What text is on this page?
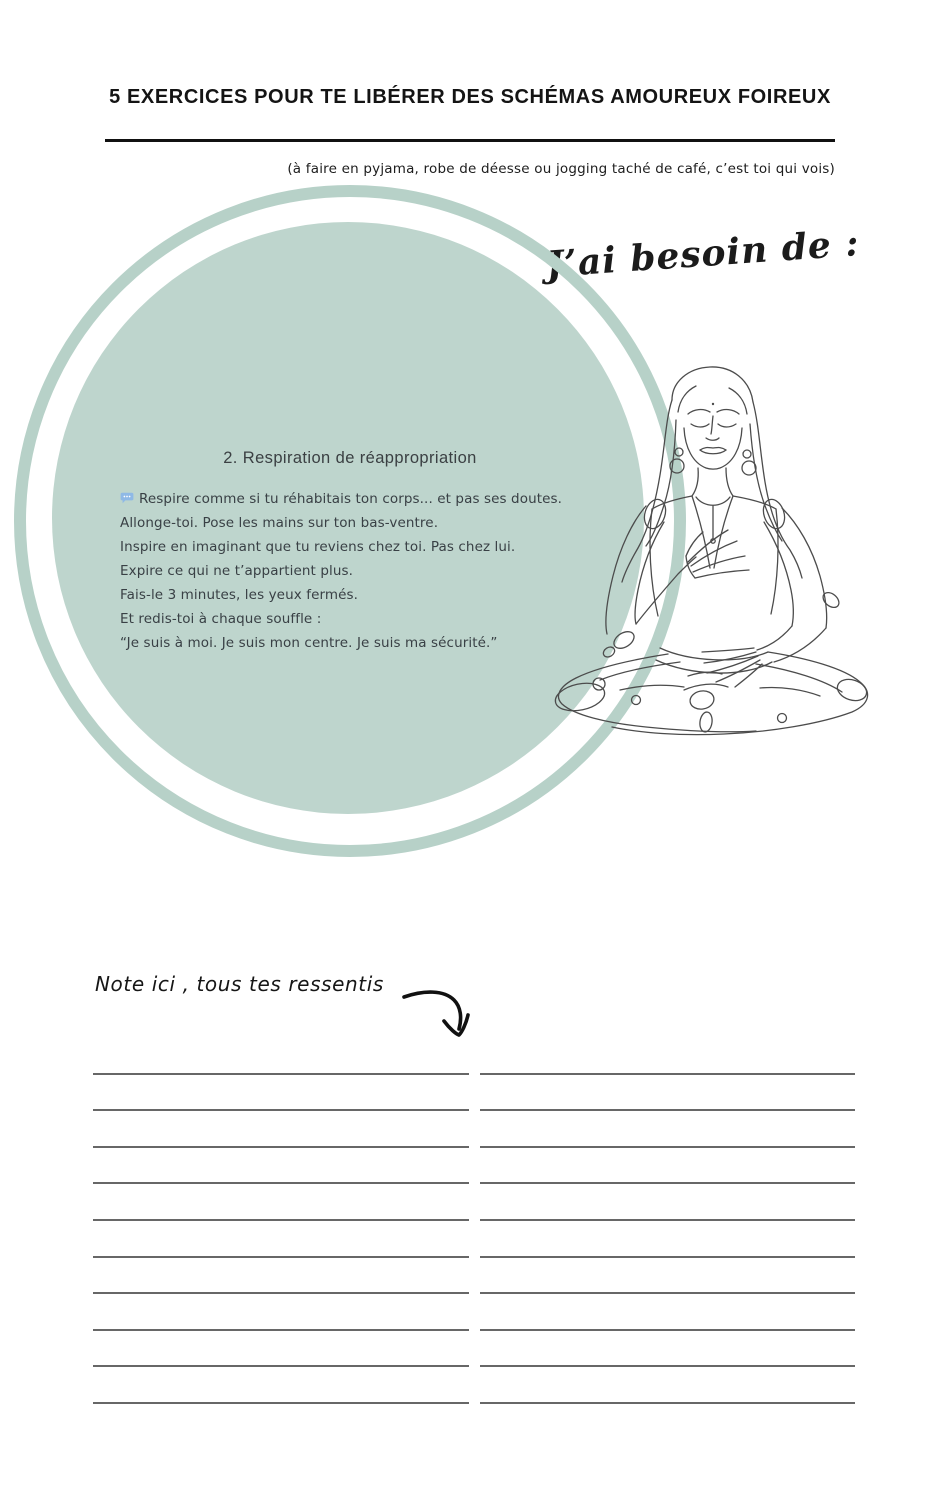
5 EXERCICES POUR TE LIBÉRER DES SCHÉMAS AMOUREUX FOIREUX
(à faire en pyjama, robe de déesse ou jogging taché de café, c’est toi qui vois)
J’ai besoin de :
2. Respiration de réappropriation
Respire comme si tu réhabitais ton corps... et pas ses doutes.
Allonge-toi. Pose les mains sur ton bas-ventre.
Inspire en imaginant que tu reviens chez toi. Pas chez lui.
Expire ce qui ne t’appartient plus.
Fais-le 3 minutes, les yeux fermés.
Et redis-toi à chaque souffle :
“Je suis à moi. Je suis mon centre. Je suis ma sécurité.”
Note ici , tous tes ressentis
